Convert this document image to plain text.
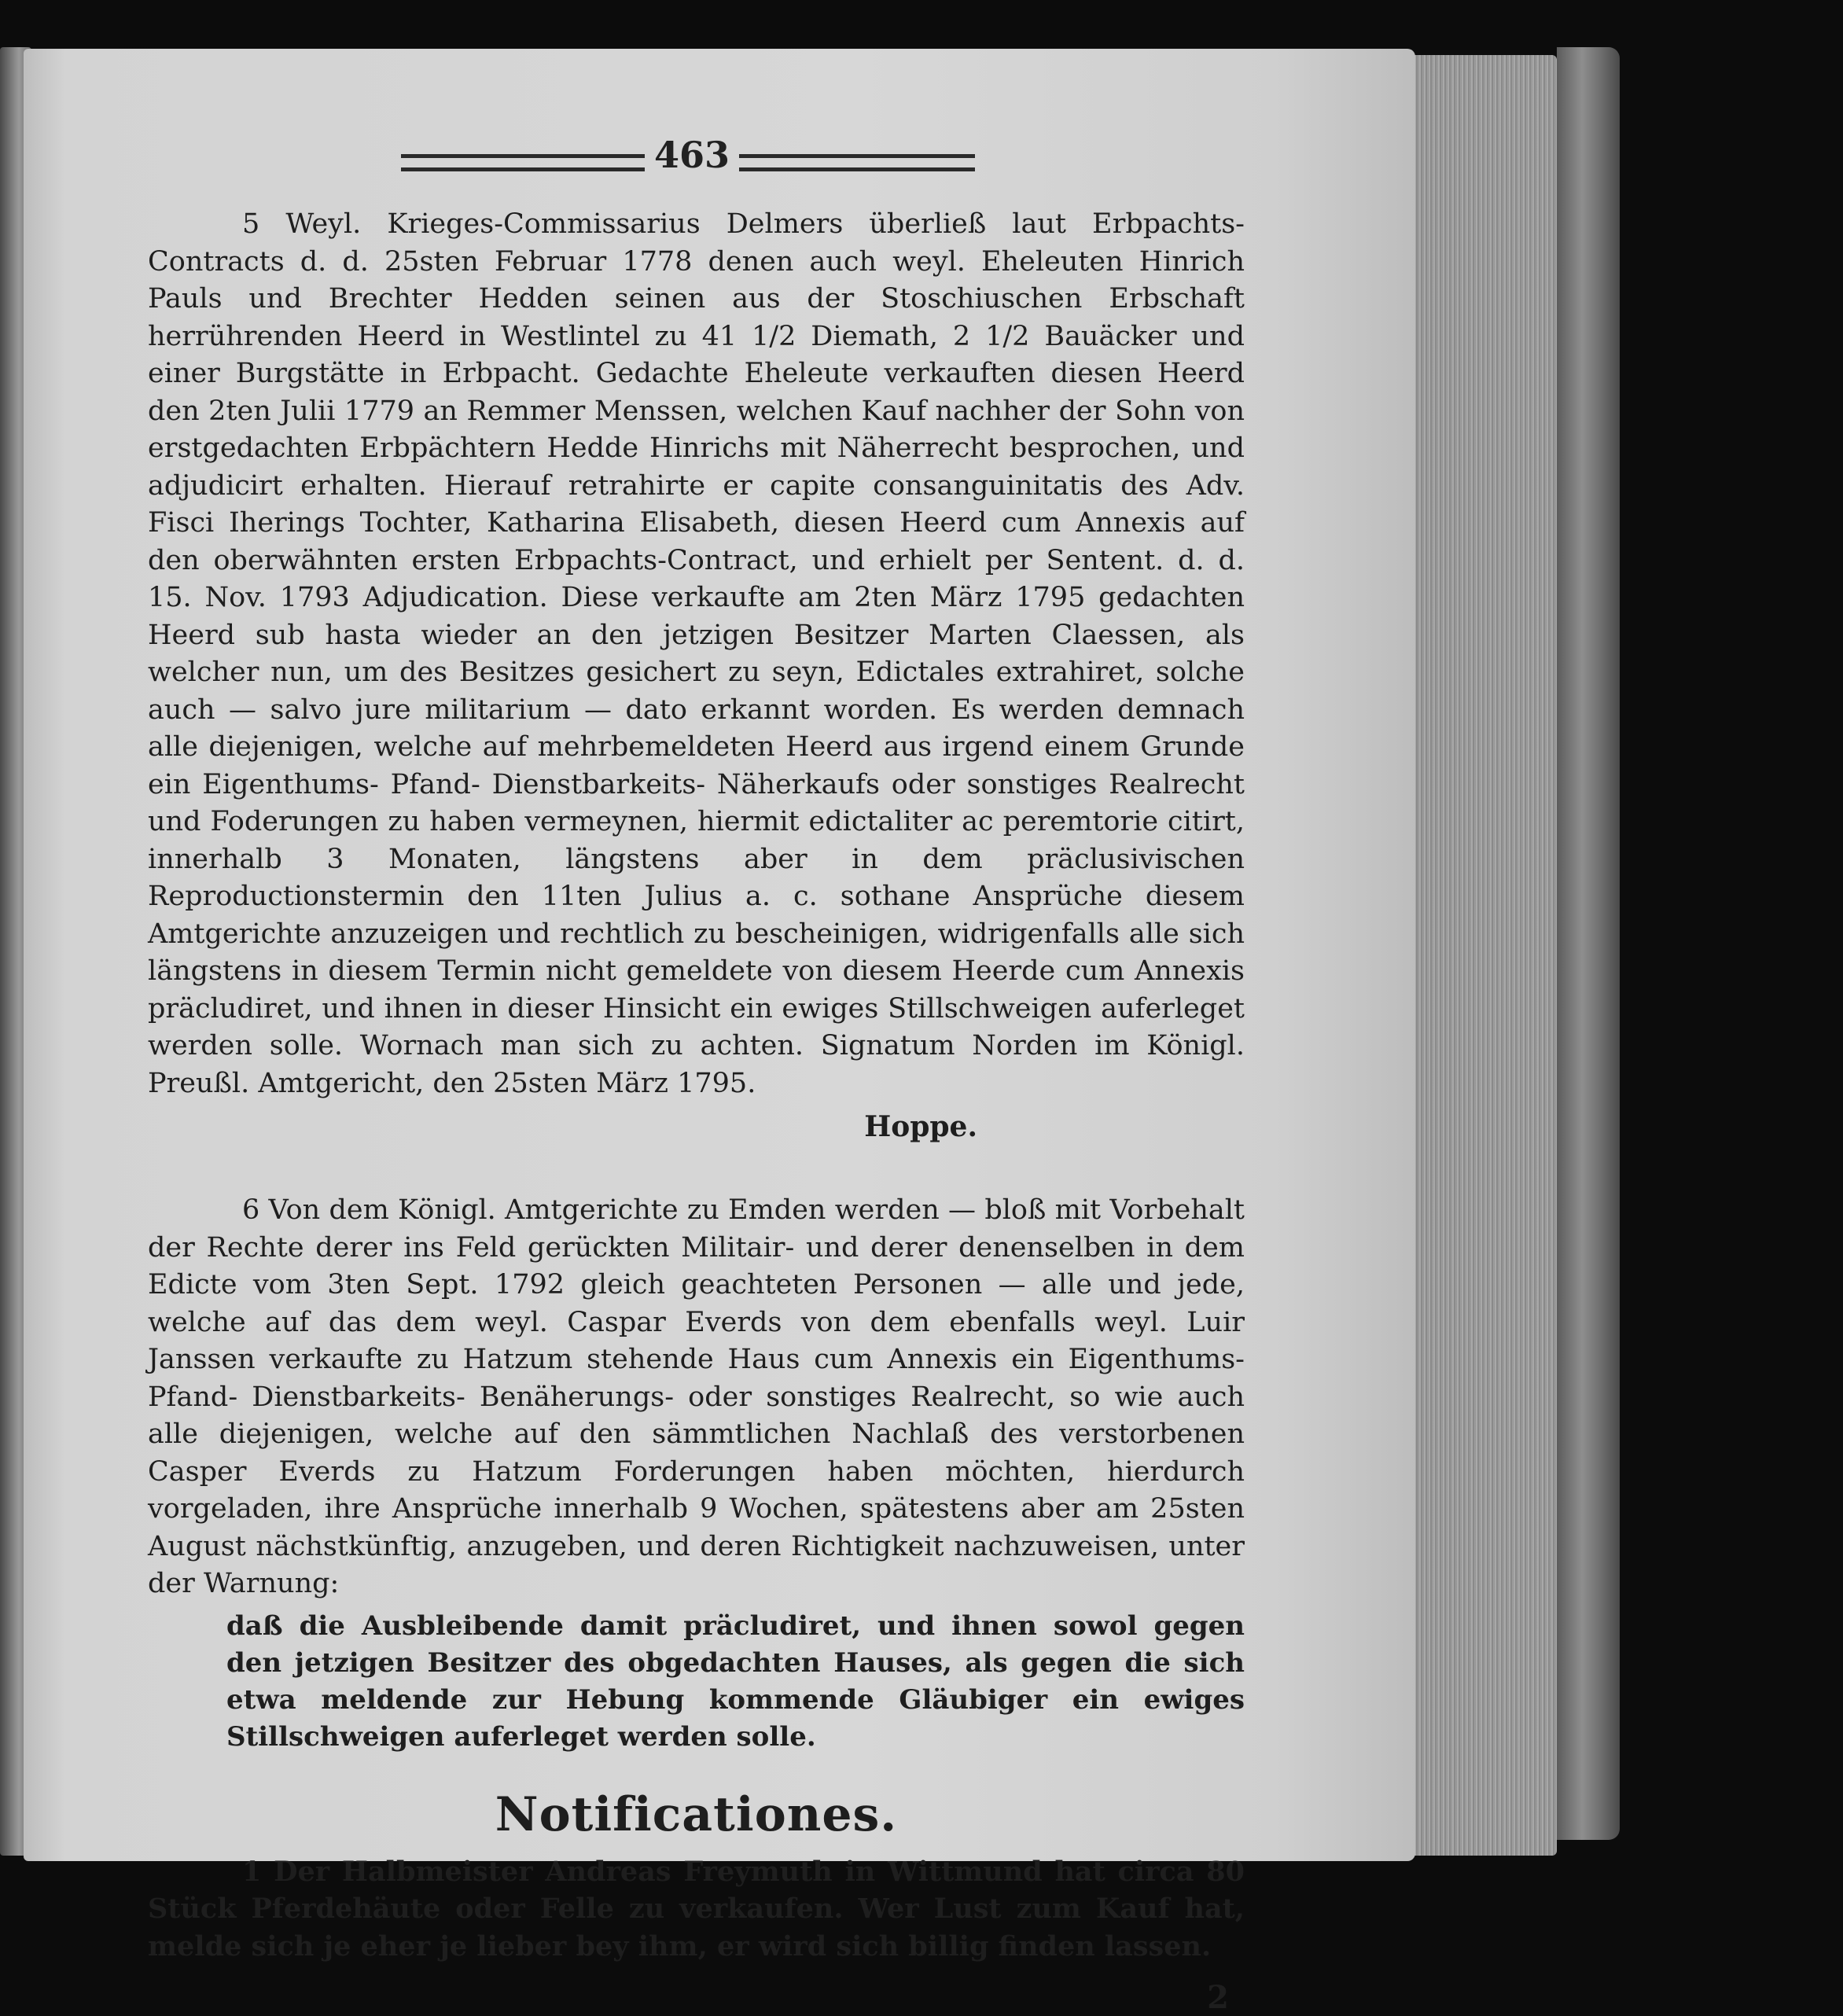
463

5 Weyl. Krieges-Commissarius Delmers überließ laut Erbpachts-Contracts d. d. 25sten Februar 1778 denen auch weyl. Eheleuten Hinrich Pauls und Brechter Hedden seinen aus der Stoschiuschen Erbschaft herrührenden Heerd in Westlintel zu 41 1/2 Diemath, 2 1/2 Bauäcker und einer Burgstätte in Erbpacht. Gedachte Eheleute verkauften diesen Heerd den 2ten Julii 1779 an Remmer Menssen, welchen Kauf nachher der Sohn von erstgedachten Erbpächtern Hedde Hinrichs mit Näherrecht besprochen, und adjudicirt erhalten. Hierauf retrahirte er capite consanguinitatis des Adv. Fisci Iherings Tochter, Katharina Elisabeth, diesen Heerd cum Annexis auf den oberwähnten ersten Erbpachts-Contract, und erhielt per Sentent. d. d. 15. Nov. 1793 Adjudication. Diese verkaufte am 2ten März 1795 gedachten Heerd sub hasta wieder an den jetzigen Besitzer Marten Claessen, als welcher nun, um des Besitzes gesichert zu seyn, Edictales extrahiret, solche auch — salvo jure militarium — dato erkannt worden. Es werden demnach alle diejenigen, welche auf mehrbemeldeten Heerd aus irgend einem Grunde ein Eigenthums- Pfand- Dienstbarkeits- Näherkaufs oder sonstiges Realrecht und Foderungen zu haben vermeynen, hiermit edictaliter ac peremtorie citirt, innerhalb 3 Monaten, längstens aber in dem präclusivischen Reproductionstermin den 11ten Julius a. c. sothane Ansprüche diesem Amtgerichte anzuzeigen und rechtlich zu bescheinigen, widrigenfalls alle sich längstens in diesem Termin nicht gemeldete von diesem Heerde cum Annexis präcludiret, und ihnen in dieser Hinsicht ein ewiges Stillschweigen auferleget werden solle. Wornach man sich zu achten. Signatum Norden im Königl. Preußl. Amtgericht, den 25sten März 1795.

Hoppe.

6 Von dem Königl. Amtgerichte zu Emden werden — bloß mit Vorbehalt der Rechte derer ins Feld gerückten Militair- und derer denenselben in dem Edicte vom 3ten Sept. 1792 gleich geachteten Personen — alle und jede, welche auf das dem weyl. Caspar Everds von dem ebenfalls weyl. Luir Janssen verkaufte zu Hatzum stehende Haus cum Annexis ein Eigenthums- Pfand- Dienstbarkeits- Benäherungs- oder sonstiges Realrecht, so wie auch alle diejenigen, welche auf den sämmtlichen Nachlaß des verstorbenen Casper Everds zu Hatzum Forderungen haben möchten, hierdurch vorgeladen, ihre Ansprüche innerhalb 9 Wochen, spätestens aber am 25sten August nächstkünftig, anzugeben, und deren Richtigkeit nachzuweisen, unter der Warnung:

daß die Ausbleibende damit präcludiret, und ihnen sowol gegen den jetzigen Besitzer des obgedachten Hauses, als gegen die sich etwa meldende zur Hebung kommende Gläubiger ein ewiges Stillschweigen auferleget werden solle.

Notificationes.

1 Der Halbmeister Andreas Freymuth in Wittmund hat circa 80 Stück Pferdehäute oder Felle zu verkaufen. Wer Lust zum Kauf hat, melde sich je eher je lieber bey ihm, er wird sich billig finden lassen.

2
